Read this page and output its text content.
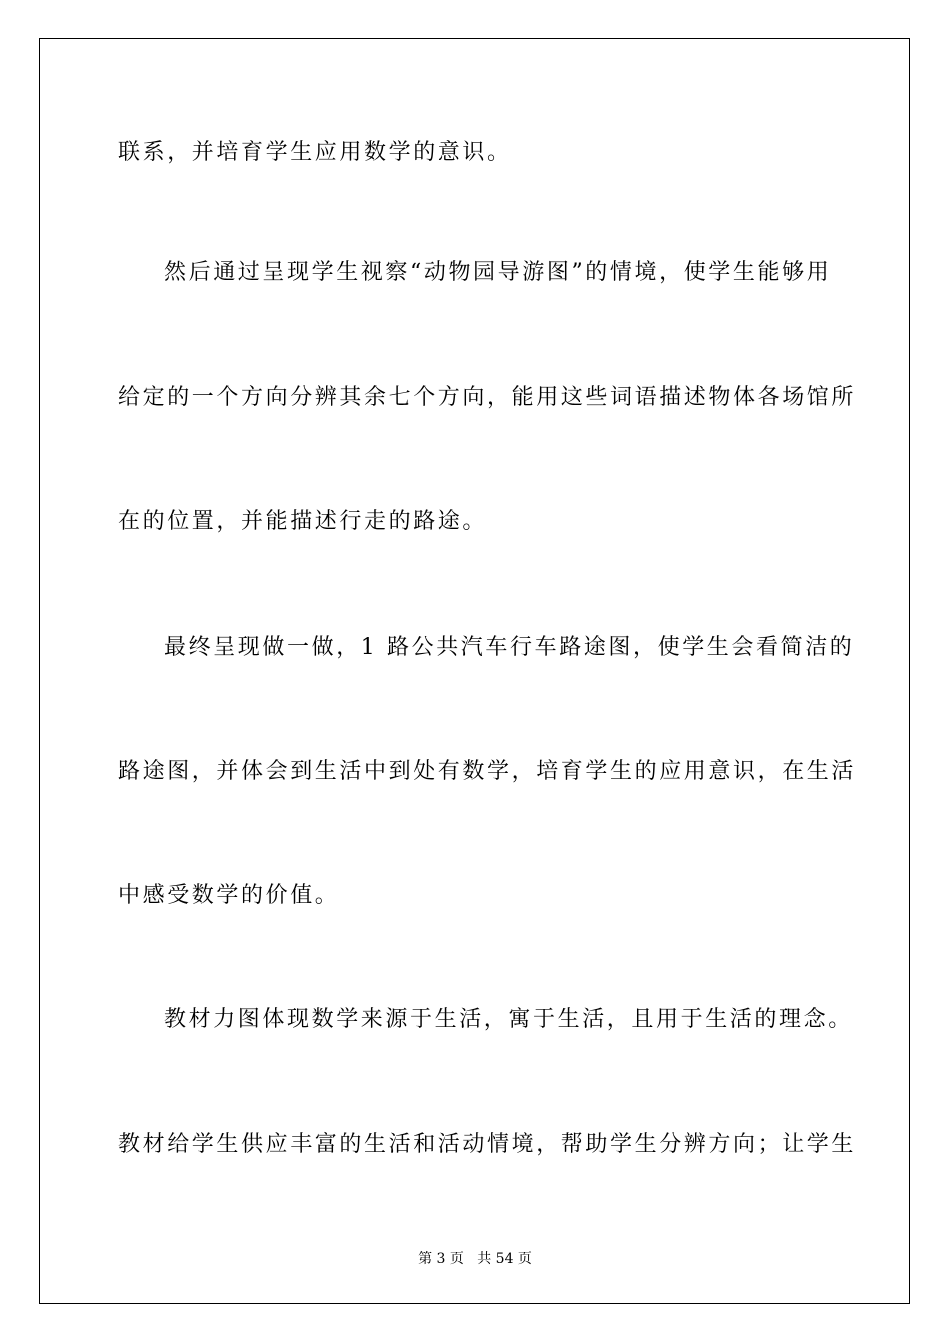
联系，并培育学生应用数学的意识。
然后通过呈现学生视察“动物园导游图”的情境，使学生能够用
给定的一个方向分辨其余七个方向，能用这些词语描述物体各场馆所
在的位置，并能描述行走的路途。
最终呈现做一做，1 路公共汽车行车路途图，使学生会看简洁的
路途图，并体会到生活中到处有数学，培育学生的应用意识，在生活
中感受数学的价值。
教材力图体现数学来源于生活，寓于生活，且用于生活的理念。
教材给学生供应丰富的生活和活动情境，帮助学生分辨方向；让学生
第 3 页   共 54 页
